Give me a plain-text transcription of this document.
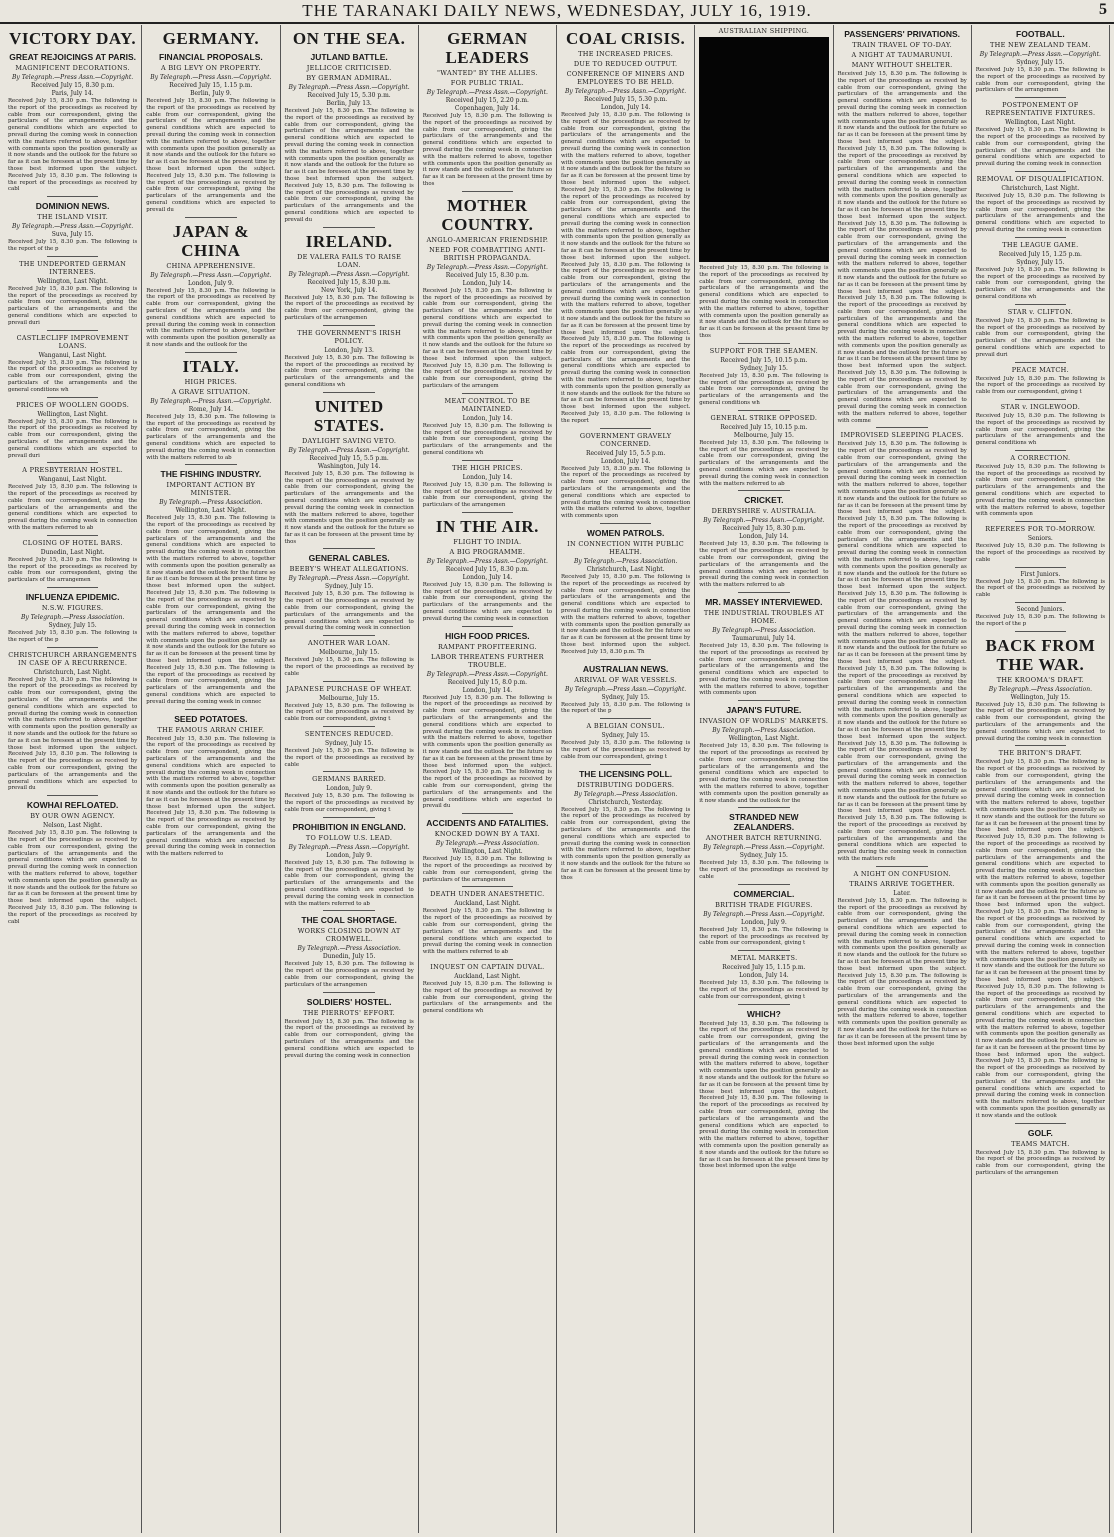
THE TARANAKI DAILY NEWS, WEDNESDAY, JULY 16, 1919.	5
VICTORY DAY.
GREAT REJOICINGS AT PARIS.
MAGNIFICENT DECORATIONS.
By Telegraph.—Press Assn.—Copyright.
Received July 15, 8.30 p.m.
Paris, July 14.

Received July 15, 8.30 p.m. The following is the report of the proceedings as received by cable from our correspondent, giving the particulars of the arrangements and the general conditions which are expected to prevail during the coming week in connection with the matters referred to above, together with comments upon the position generally as it now stands and the outlook for the future so far as it can be foreseen at the present time by those best informed upon the subject. Received July 15, 8.30 p.m. The following is the report of the proceedings as received by cabl

DOMINION NEWS.
THE ISLAND VISIT.
By Telegraph.—Press Assn.—Copyright.
Suva, July 15.

Received July 15, 8.30 p.m. The following is the report of the p

THE UNDEPORTED GERMAN INTERNEES.
Wellington, Last Night.

Received July 15, 8.30 p.m. The following is the report of the proceedings as received by cable from our correspondent, giving the particulars of the arrangements and the general conditions which are expected to prevail duri

CASTLECLIFF IMPROVEMENT LOANS.
Wanganui, Last Night.

Received July 15, 8.30 p.m. The following is the report of the proceedings as received by cable from our correspondent, giving the particulars of the arrangements and the general conditions wh

PRICES OF WOOLLEN GOODS.
Wellington, Last Night.

Received July 15, 8.30 p.m. The following is the report of the proceedings as received by cable from our correspondent, giving the particulars of the arrangements and the general conditions which are expected to prevail duri

A PRESBYTERIAN HOSTEL.
Wanganui, Last Night.

Received July 15, 8.30 p.m. The following is the report of the proceedings as received by cable from our correspondent, giving the particulars of the arrangements and the general conditions which are expected to prevail during the coming week in connection with the matters referred to ab

CLOSING OF HOTEL BARS.
Dunedin, Last Night.

Received July 15, 8.30 p.m. The following is the report of the proceedings as received by cable from our correspondent, giving the particulars of the arrangemen

INFLUENZA EPIDEMIC.
N.S.W. FIGURES.
By Telegraph.—Press Association.
Sydney, July 15.

Received July 15, 8.30 p.m. The following is the report of the p

CHRISTCHURCH ARRANGEMENTS IN CASE OF A RECURRENCE.
Christchurch, Last Night.

Received July 15, 8.30 p.m. The following is the report of the proceedings as received by cable from our correspondent, giving the particulars of the arrangements and the general conditions which are expected to prevail during the coming week in connection with the matters referred to above, together with comments upon the position generally as it now stands and the outlook for the future so far as it can be foreseen at the present time by those best informed upon the subject. Received July 15, 8.30 p.m. The following is the report of the proceedings as received by cable from our correspondent, giving the particulars of the arrangements and the general conditions which are expected to prevail du

KOWHAI REFLOATED.
BY OUR OWN AGENCY.
Nelson, Last Night.

Received July 15, 8.30 p.m. The following is the report of the proceedings as received by cable from our correspondent, giving the particulars of the arrangements and the general conditions which are expected to prevail during the coming week in connection with the matters referred to above, together with comments upon the position generally as it now stands and the outlook for the future so far as it can be foreseen at the present time by those best informed upon the subject. Received July 15, 8.30 p.m. The following is the report of the proceedings as received by cabl

GERMANY.
FINANCIAL PROPOSALS.
A BIG LEVY ON PROPERTY.
By Telegraph.—Press Assn.—Copyright.
Received July 15, 1.15 p.m.
Berlin, July 9.

Received July 15, 8.30 p.m. The following is the report of the proceedings as received by cable from our correspondent, giving the particulars of the arrangements and the general conditions which are expected to prevail during the coming week in connection with the matters referred to above, together with comments upon the position generally as it now stands and the outlook for the future so far as it can be foreseen at the present time by those best informed upon the subject. Received July 15, 8.30 p.m. The following is the report of the proceedings as received by cable from our correspondent, giving the particulars of the arrangements and the general conditions which are expected to prevail du

JAPAN & CHINA
CHINA APPREHENSIVE.
By Telegraph.—Press Assn.—Copyright.
London, July 9.

Received July 15, 8.30 p.m. The following is the report of the proceedings as received by cable from our correspondent, giving the particulars of the arrangements and the general conditions which are expected to prevail during the coming week in connection with the matters referred to above, together with comments upon the position generally as it now stands and the outlook for the

ITALY.
HIGH PRICES.
A GRAVE SITUATION.
By Telegraph.—Press Assn.—Copyright.
Rome, July 14.

Received July 15, 8.30 p.m. The following is the report of the proceedings as received by cable from our correspondent, giving the particulars of the arrangements and the general conditions which are expected to prevail during the coming week in connection with the matters referred to ab

THE FISHING INDUSTRY.
IMPORTANT ACTION BY MINISTER.
By Telegraph.—Press Association.
Wellington, Last Night.

Received July 15, 8.30 p.m. The following is the report of the proceedings as received by cable from our correspondent, giving the particulars of the arrangements and the general conditions which are expected to prevail during the coming week in connection with the matters referred to above, together with comments upon the position generally as it now stands and the outlook for the future so far as it can be foreseen at the present time by those best informed upon the subject. Received July 15, 8.30 p.m. The following is the report of the proceedings as received by cable from our correspondent, giving the particulars of the arrangements and the general conditions which are expected to prevail during the coming week in connection with the matters referred to above, together with comments upon the position generally as it now stands and the outlook for the future so far as it can be foreseen at the present time by those best informed upon the subject. Received July 15, 8.30 p.m. The following is the report of the proceedings as received by cable from our correspondent, giving the particulars of the arrangements and the general conditions which are expected to prevail during the coming week in connec

SEED POTATOES.
THE FAMOUS ARRAN CHIEF.

Received July 15, 8.30 p.m. The following is the report of the proceedings as received by cable from our correspondent, giving the particulars of the arrangements and the general conditions which are expected to prevail during the coming week in connection with the matters referred to above, together with comments upon the position generally as it now stands and the outlook for the future so far as it can be foreseen at the present time by those best informed upon the subject. Received July 15, 8.30 p.m. The following is the report of the proceedings as received by cable from our correspondent, giving the particulars of the arrangements and the general conditions which are expected to prevail during the coming week in connection with the matters referred to

ON THE SEA.
JUTLAND BATTLE.
JELLICOE CRITICISED.
BY GERMAN ADMIRAL.
By Telegraph.—Press Assn.—Copyright.
Received July 15, 5.30 p.m.
Berlin, July 13.

Received July 15, 8.30 p.m. The following is the report of the proceedings as received by cable from our correspondent, giving the particulars of the arrangements and the general conditions which are expected to prevail during the coming week in connection with the matters referred to above, together with comments upon the position generally as it now stands and the outlook for the future so far as it can be foreseen at the present time by those best informed upon the subject. Received July 15, 8.30 p.m. The following is the report of the proceedings as received by cable from our correspondent, giving the particulars of the arrangements and the general conditions which are expected to prevail du

IRELAND.
DE VALERA FAILS TO RAISE LOAN.
By Telegraph.—Press Assn.—Copyright.
Received July 15, 8.30 p.m.
New York, July 14.

Received July 15, 8.30 p.m. The following is the report of the proceedings as received by cable from our correspondent, giving the particulars of the arrangemen

THE GOVERNMENT'S IRISH POLICY.
London, July 13.

Received July 15, 8.30 p.m. The following is the report of the proceedings as received by cable from our correspondent, giving the particulars of the arrangements and the general conditions wh

UNITED STATES.
DAYLIGHT SAVING VETO.
By Telegraph.—Press Assn.—Copyright.
Received July 15, 5.5 p.m.
Washington, July 14.

Received July 15, 8.30 p.m. The following is the report of the proceedings as received by cable from our correspondent, giving the particulars of the arrangements and the general conditions which are expected to prevail during the coming week in connection with the matters referred to above, together with comments upon the position generally as it now stands and the outlook for the future so far as it can be foreseen at the present time by thos

GENERAL CABLES.
BEEBY'S WHEAT ALLEGATIONS.
By Telegraph.—Press Assn.—Copyright.
Sydney, July 15.

Received July 15, 8.30 p.m. The following is the report of the proceedings as received by cable from our correspondent, giving the particulars of the arrangements and the general conditions which are expected to prevail during the coming week in connection

ANOTHER WAR LOAN.
Melbourne, July 15.

Received July 15, 8.30 p.m. The following is the report of the proceedings as received by cable

JAPANESE PURCHASE OF WHEAT.
Melbourne, July 15.

Received July 15, 8.30 p.m. The following is the report of the proceedings as received by cable from our correspondent, giving t

SENTENCES REDUCED.
Sydney, July 15.

Received July 15, 8.30 p.m. The following is the report of the proceedings as received by cable

GERMANS BARRED.
London, July 9.

Received July 15, 8.30 p.m. The following is the report of the proceedings as received by cable from our correspondent, giving t

PROHIBITION IN ENGLAND.
TO FOLLOW U.S. LEAD.
By Telegraph.—Press Assn.—Copyright.
London, July 9.

Received July 15, 8.30 p.m. The following is the report of the proceedings as received by cable from our correspondent, giving the particulars of the arrangements and the general conditions which are expected to prevail during the coming week in connection with the matters referred to ab

THE COAL SHORTAGE.
WORKS CLOSING DOWN AT CROMWELL.
By Telegraph.—Press Association.
Dunedin, July 15.

Received July 15, 8.30 p.m. The following is the report of the proceedings as received by cable from our correspondent, giving the particulars of the arrangemen

SOLDIERS' HOSTEL.
THE PIERROTS' EFFORT.

Received July 15, 8.30 p.m. The following is the report of the proceedings as received by cable from our correspondent, giving the particulars of the arrangements and the general conditions which are expected to prevail during the coming week in connection

GERMAN LEADERS
"WANTED" BY THE ALLIES.
FOR PUBLIC TRIAL.
By Telegraph.—Press Assn.—Copyright.
Received July 15, 2.20 p.m.
Copenhagen, July 14.

Received July 15, 8.30 p.m. The following is the report of the proceedings as received by cable from our correspondent, giving the particulars of the arrangements and the general conditions which are expected to prevail during the coming week in connection with the matters referred to above, together with comments upon the position generally as it now stands and the outlook for the future so far as it can be foreseen at the present time by thos

MOTHER COUNTRY.
ANGLO-AMERICAN FRIENDSHIP.
NEED FOR COMBATTING ANTI-BRITISH PROPAGANDA.
By Telegraph.—Press Assn.—Copyright.
Received July 15, 8.30 p.m.
London, July 14.

Received July 15, 8.30 p.m. The following is the report of the proceedings as received by cable from our correspondent, giving the particulars of the arrangements and the general conditions which are expected to prevail during the coming week in connection with the matters referred to above, together with comments upon the position generally as it now stands and the outlook for the future so far as it can be foreseen at the present time by those best informed upon the subject. Received July 15, 8.30 p.m. The following is the report of the proceedings as received by cable from our correspondent, giving the particulars of the arrangem

MEAT CONTROL TO BE MAINTAINED.
London, July 14.

Received July 15, 8.30 p.m. The following is the report of the proceedings as received by cable from our correspondent, giving the particulars of the arrangements and the general conditions wh

THE HIGH PRICES.
London, July 14.

Received July 15, 8.30 p.m. The following is the report of the proceedings as received by cable from our correspondent, giving the particulars of the arrangemen

IN THE AIR.
FLIGHT TO INDIA.
A BIG PROGRAMME.
By Telegraph.—Press Assn.—Copyright.
Received July 15, 8.30 p.m.
London, July 14.

Received July 15, 8.30 p.m. The following is the report of the proceedings as received by cable from our correspondent, giving the particulars of the arrangements and the general conditions which are expected to prevail during the coming week in connection

HIGH FOOD PRICES.
RAMPANT PROFITEERING.
LABOR THREATENS FURTHER TROUBLE.
By Telegraph.—Press Assn.—Copyright.
Received July 15, 8.0 p.m.
London, July 14.

Received July 15, 8.30 p.m. The following is the report of the proceedings as received by cable from our correspondent, giving the particulars of the arrangements and the general conditions which are expected to prevail during the coming week in connection with the matters referred to above, together with comments upon the position generally as it now stands and the outlook for the future so far as it can be foreseen at the present time by those best informed upon the subject. Received July 15, 8.30 p.m. The following is the report of the proceedings as received by cable from our correspondent, giving the particulars of the arrangements and the general conditions which are expected to prevail du

ACCIDENTS AND FATALITIES.
KNOCKED DOWN BY A TAXI.
By Telegraph.—Press Association.
Wellington, Last Night.

Received July 15, 8.30 p.m. The following is the report of the proceedings as received by cable from our correspondent, giving the particulars of the arrangemen

DEATH UNDER ANAESTHETIC.
Auckland, Last Night.

Received July 15, 8.30 p.m. The following is the report of the proceedings as received by cable from our correspondent, giving the particulars of the arrangements and the general conditions which are expected to prevail during the coming week in connection with the matters referred to ab

INQUEST ON CAPTAIN DUVAL.
Auckland, Last Night.

Received July 15, 8.30 p.m. The following is the report of the proceedings as received by cable from our correspondent, giving the particulars of the arrangements and the general conditions wh

COAL CRISIS.
THE INCREASED PRICES.
DUE TO REDUCED OUTPUT.
CONFERENCE OF MINERS AND EMPLOYEES TO BE HELD.
By Telegraph.—Press Assn.—Copyright.
Received July 15, 5.30 p.m.
London, July 14.

Received July 15, 8.30 p.m. The following is the report of the proceedings as received by cable from our correspondent, giving the particulars of the arrangements and the general conditions which are expected to prevail during the coming week in connection with the matters referred to above, together with comments upon the position generally as it now stands and the outlook for the future so far as it can be foreseen at the present time by those best informed upon the subject. Received July 15, 8.30 p.m. The following is the report of the proceedings as received by cable from our correspondent, giving the particulars of the arrangements and the general conditions which are expected to prevail during the coming week in connection with the matters referred to above, together with comments upon the position generally as it now stands and the outlook for the future so far as it can be foreseen at the present time by those best informed upon the subject. Received July 15, 8.30 p.m. The following is the report of the proceedings as received by cable from our correspondent, giving the particulars of the arrangements and the general conditions which are expected to prevail during the coming week in connection with the matters referred to above, together with comments upon the position generally as it now stands and the outlook for the future so far as it can be foreseen at the present time by those best informed upon the subject. Received July 15, 8.30 p.m. The following is the report of the proceedings as received by cable from our correspondent, giving the particulars of the arrangements and the general conditions which are expected to prevail during the coming week in connection with the matters referred to above, together with comments upon the position generally as it now stands and the outlook for the future so far as it can be foreseen at the present time by those best informed upon the subject. Received July 15, 8.30 p.m. The following is the report

GOVERNMENT GRAVELY CONCERNED.
Received July 15, 5.5 p.m.
London, July 14.

Received July 15, 8.30 p.m. The following is the report of the proceedings as received by cable from our correspondent, giving the particulars of the arrangements and the general conditions which are expected to prevail during the coming week in connection with the matters referred to above, together with comments upon

WOMEN PATROLS.
IN CONNECTION WITH PUBLIC HEALTH.
By Telegraph.—Press Association.
Christchurch, Last Night.

Received July 15, 8.30 p.m. The following is the report of the proceedings as received by cable from our correspondent, giving the particulars of the arrangements and the general conditions which are expected to prevail during the coming week in connection with the matters referred to above, together with comments upon the position generally as it now stands and the outlook for the future so far as it can be foreseen at the present time by those best informed upon the subject. Received July 15, 8.30 p.m. Th

AUSTRALIAN NEWS.
ARRIVAL OF WAR VESSELS.
By Telegraph.—Press Assn.—Copyright.
Sydney, July 15.

Received July 15, 8.30 p.m. The following is the report of the p

A BELGIAN CONSUL.
Sydney, July 15.

Received July 15, 8.30 p.m. The following is the report of the proceedings as received by cable from our correspondent, giving t

THE LICENSING POLL.
DISTRIBUTING DODGERS.
By Telegraph.—Press Association.
Christchurch, Yesterday.

Received July 15, 8.30 p.m. The following is the report of the proceedings as received by cable from our correspondent, giving the particulars of the arrangements and the general conditions which are expected to prevail during the coming week in connection with the matters referred to above, together with comments upon the position generally as it now stands and the outlook for the future so far as it can be foreseen at the present time by thos

AUSTRALIAN SHIPPING.

Received July 15, 8.30 p.m. The following is the report of the proceedings as received by cable from our correspondent, giving the particulars of the arrangements and the general conditions which are expected to prevail during the coming week in connection with the matters referred to above, together with comments upon the position generally as it now stands and the outlook for the future so far as it can be foreseen at the present time by thos

SUPPORT FOR THE SEAMEN.
Received July 15, 10.15 p.m.
Sydney, July 15.

Received July 15, 8.30 p.m. The following is the report of the proceedings as received by cable from our correspondent, giving the particulars of the arrangements and the general conditions wh

GENERAL STRIKE OPPOSED.
Received July 15, 10.15 p.m.
Melbourne, July 15.

Received July 15, 8.30 p.m. The following is the report of the proceedings as received by cable from our correspondent, giving the particulars of the arrangements and the general conditions which are expected to prevail during the coming week in connection with the matters referred to ab

CRICKET.
DERBYSHIRE v. AUSTRALIA.
By Telegraph.—Press Assn.—Copyright.
Received July 15, 8.30 p.m.
London, July 14.

Received July 15, 8.30 p.m. The following is the report of the proceedings as received by cable from our correspondent, giving the particulars of the arrangements and the general conditions which are expected to prevail during the coming week in connection with the matters referred to ab

MR. MASSEY INTERVIEWED.
THE INDUSTRIAL TROUBLES AT HOME.
By Telegraph.—Press Association.
Taumarunui, July 14.

Received July 15, 8.30 p.m. The following is the report of the proceedings as received by cable from our correspondent, giving the particulars of the arrangements and the general conditions which are expected to prevail during the coming week in connection with the matters referred to above, together with comments upon

JAPAN'S FUTURE.
INVASION OF WORLDS' MARKETS.
By Telegraph.—Press Association.
Wellington, Last Night.

Received July 15, 8.30 p.m. The following is the report of the proceedings as received by cable from our correspondent, giving the particulars of the arrangements and the general conditions which are expected to prevail during the coming week in connection with the matters referred to above, together with comments upon the position generally as it now stands and the outlook for the

STRANDED NEW ZEALANDERS.
ANOTHER BATCH RETURNING.
By Telegraph.—Press Assn.—Copyright.
Sydney, July 15.

Received July 15, 8.30 p.m. The following is the report of the proceedings as received by cable

COMMERCIAL.
BRITISH TRADE FIGURES.
By Telegraph.—Press Assn.—Copyright.
London, July 9.

Received July 15, 8.30 p.m. The following is the report of the proceedings as received by cable from our correspondent, giving t

METAL MARKETS.
Received July 15, 1.15 p.m.
London, July 14.

Received July 15, 8.30 p.m. The following is the report of the proceedings as received by cable from our correspondent, giving t

WHICH?

Received July 15, 8.30 p.m. The following is the report of the proceedings as received by cable from our correspondent, giving the particulars of the arrangements and the general conditions which are expected to prevail during the coming week in connection with the matters referred to above, together with comments upon the position generally as it now stands and the outlook for the future so far as it can be foreseen at the present time by those best informed upon the subject. Received July 15, 8.30 p.m. The following is the report of the proceedings as received by cable from our correspondent, giving the particulars of the arrangements and the general conditions which are expected to prevail during the coming week in connection with the matters referred to above, together with comments upon the position generally as it now stands and the outlook for the future so far as it can be foreseen at the present time by those best informed upon the subje

PASSENGERS' PRIVATIONS.
TRAIN TRAVEL OF TO-DAY.
A NIGHT AT TAUMARUNUI.
MANY WITHOUT SHELTER.

Received July 15, 8.30 p.m. The following is the report of the proceedings as received by cable from our correspondent, giving the particulars of the arrangements and the general conditions which are expected to prevail during the coming week in connection with the matters referred to above, together with comments upon the position generally as it now stands and the outlook for the future so far as it can be foreseen at the present time by those best informed upon the subject. Received July 15, 8.30 p.m. The following is the report of the proceedings as received by cable from our correspondent, giving the particulars of the arrangements and the general conditions which are expected to prevail during the coming week in connection with the matters referred to above, together with comments upon the position generally as it now stands and the outlook for the future so far as it can be foreseen at the present time by those best informed upon the subject. Received July 15, 8.30 p.m. The following is the report of the proceedings as received by cable from our correspondent, giving the particulars of the arrangements and the general conditions which are expected to prevail during the coming week in connection with the matters referred to above, together with comments upon the position generally as it now stands and the outlook for the future so far as it can be foreseen at the present time by those best informed upon the subject. Received July 15, 8.30 p.m. The following is the report of the proceedings as received by cable from our correspondent, giving the particulars of the arrangements and the general conditions which are expected to prevail during the coming week in connection with the matters referred to above, together with comments upon the position generally as it now stands and the outlook for the future so far as it can be foreseen at the present time by those best informed upon the subject. Received July 15, 8.30 p.m. The following is the report of the proceedings as received by cable from our correspondent, giving the particulars of the arrangements and the general conditions which are expected to prevail during the coming week in connection with the matters referred to above, together with comme

IMPROVISED SLEEPING PLACES.

Received July 15, 8.30 p.m. The following is the report of the proceedings as received by cable from our correspondent, giving the particulars of the arrangements and the general conditions which are expected to prevail during the coming week in connection with the matters referred to above, together with comments upon the position generally as it now stands and the outlook for the future so far as it can be foreseen at the present time by those best informed upon the subject. Received July 15, 8.30 p.m. The following is the report of the proceedings as received by cable from our correspondent, giving the particulars of the arrangements and the general conditions which are expected to prevail during the coming week in connection with the matters referred to above, together with comments upon the position generally as it now stands and the outlook for the future so far as it can be foreseen at the present time by those best informed upon the subject. Received July 15, 8.30 p.m. The following is the report of the proceedings as received by cable from our correspondent, giving the particulars of the arrangements and the general conditions which are expected to prevail during the coming week in connection with the matters referred to above, together with comments upon the position generally as it now stands and the outlook for the future so far as it can be foreseen at the present time by those best informed upon the subject. Received July 15, 8.30 p.m. The following is the report of the proceedings as received by cable from our correspondent, giving the particulars of the arrangements and the general conditions which are expected to prevail during the coming week in connection with the matters referred to above, together with comments upon the position generally as it now stands and the outlook for the future so far as it can be foreseen at the present time by those best informed upon the subject. Received July 15, 8.30 p.m. The following is the report of the proceedings as received by cable from our correspondent, giving the particulars of the arrangements and the general conditions which are expected to prevail during the coming week in connection with the matters referred to above, together with comments upon the position generally as it now stands and the outlook for the future so far as it can be foreseen at the present time by those best informed upon the subject. Received July 15, 8.30 p.m. The following is the report of the proceedings as received by cable from our correspondent, giving the particulars of the arrangements and the general conditions which are expected to prevail during the coming week in connection with the matters refe

A NIGHT ON CONFUSION.
TRAINS ARRIVE TOGETHER.
Later.

Received July 15, 8.30 p.m. The following is the report of the proceedings as received by cable from our correspondent, giving the particulars of the arrangements and the general conditions which are expected to prevail during the coming week in connection with the matters referred to above, together with comments upon the position generally as it now stands and the outlook for the future so far as it can be foreseen at the present time by those best informed upon the subject. Received July 15, 8.30 p.m. The following is the report of the proceedings as received by cable from our correspondent, giving the particulars of the arrangements and the general conditions which are expected to prevail during the coming week in connection with the matters referred to above, together with comments upon the position generally as it now stands and the outlook for the future so far as it can be foreseen at the present time by those best informed upon the subje

FOOTBALL.
THE NEW ZEALAND TEAM.
By Telegraph.—Press Assn.—Copyright.
Sydney, July 15.

Received July 15, 8.30 p.m. The following is the report of the proceedings as received by cable from our correspondent, giving the particulars of the arrangemen

POSTPONEMENT OF REPRESENTATIVE FIXTURES.
Wellington, Last Night.

Received July 15, 8.30 p.m. The following is the report of the proceedings as received by cable from our correspondent, giving the particulars of the arrangements and the general conditions which are expected to prevail during the coming week in connection

REMOVAL OF DISQUALIFICATION.
Christchurch, Last Night.

Received July 15, 8.30 p.m. The following is the report of the proceedings as received by cable from our correspondent, giving the particulars of the arrangements and the general conditions which are expected to prevail during the coming week in connection

THE LEAGUE GAME.
Received July 15, 1.25 p.m.
Sydney, July 15.

Received July 15, 8.30 p.m. The following is the report of the proceedings as received by cable from our correspondent, giving the particulars of the arrangements and the general conditions wh

STAR v. CLIFTON.

Received July 15, 8.30 p.m. The following is the report of the proceedings as received by cable from our correspondent, giving the particulars of the arrangements and the general conditions which are expected to prevail duri

PEACE MATCH.

Received July 15, 8.30 p.m. The following is the report of the proceedings as received by cable from our correspondent, giving t

STAR v. INGLEWOOD.

Received July 15, 8.30 p.m. The following is the report of the proceedings as received by cable from our correspondent, giving the particulars of the arrangements and the general conditions wh

A CORRECTION.

Received July 15, 8.30 p.m. The following is the report of the proceedings as received by cable from our correspondent, giving the particulars of the arrangements and the general conditions which are expected to prevail during the coming week in connection with the matters referred to above, together with comments upon

REFEREES FOR TO-MORROW.
Seniors.

Received July 15, 8.30 p.m. The following is the report of the proceedings as received by cable

First Juniors.

Received July 15, 8.30 p.m. The following is the report of the proceedings as received by cable

Second Juniors.

Received July 15, 8.30 p.m. The following is the report of the p

BACK FROM THE WAR.
THE KROOMA'S DRAFT.
By Telegraph.—Press Association.
Wellington, July 15.

Received July 15, 8.30 p.m. The following is the report of the proceedings as received by cable from our correspondent, giving the particulars of the arrangements and the general conditions which are expected to prevail during the coming week in connection

THE BRITON'S DRAFT.

Received July 15, 8.30 p.m. The following is the report of the proceedings as received by cable from our correspondent, giving the particulars of the arrangements and the general conditions which are expected to prevail during the coming week in connection with the matters referred to above, together with comments upon the position generally as it now stands and the outlook for the future so far as it can be foreseen at the present time by those best informed upon the subject. Received July 15, 8.30 p.m. The following is the report of the proceedings as received by cable from our correspondent, giving the particulars of the arrangements and the general conditions which are expected to prevail during the coming week in connection with the matters referred to above, together with comments upon the position generally as it now stands and the outlook for the future so far as it can be foreseen at the present time by those best informed upon the subject. Received July 15, 8.30 p.m. The following is the report of the proceedings as received by cable from our correspondent, giving the particulars of the arrangements and the general conditions which are expected to prevail during the coming week in connection with the matters referred to above, together with comments upon the position generally as it now stands and the outlook for the future so far as it can be foreseen at the present time by those best informed upon the subject. Received July 15, 8.30 p.m. The following is the report of the proceedings as received by cable from our correspondent, giving the particulars of the arrangements and the general conditions which are expected to prevail during the coming week in connection with the matters referred to above, together with comments upon the position generally as it now stands and the outlook for the future so far as it can be foreseen at the present time by those best informed upon the subject. Received July 15, 8.30 p.m. The following is the report of the proceedings as received by cable from our correspondent, giving the particulars of the arrangements and the general conditions which are expected to prevail during the coming week in connection with the matters referred to above, together with comments upon the position generally as it now stands and the outlook

GOLF.
TEAMS MATCH.

Received July 15, 8.30 p.m. The following is the report of the proceedings as received by cable from our correspondent, giving the particulars of the arrangemen
